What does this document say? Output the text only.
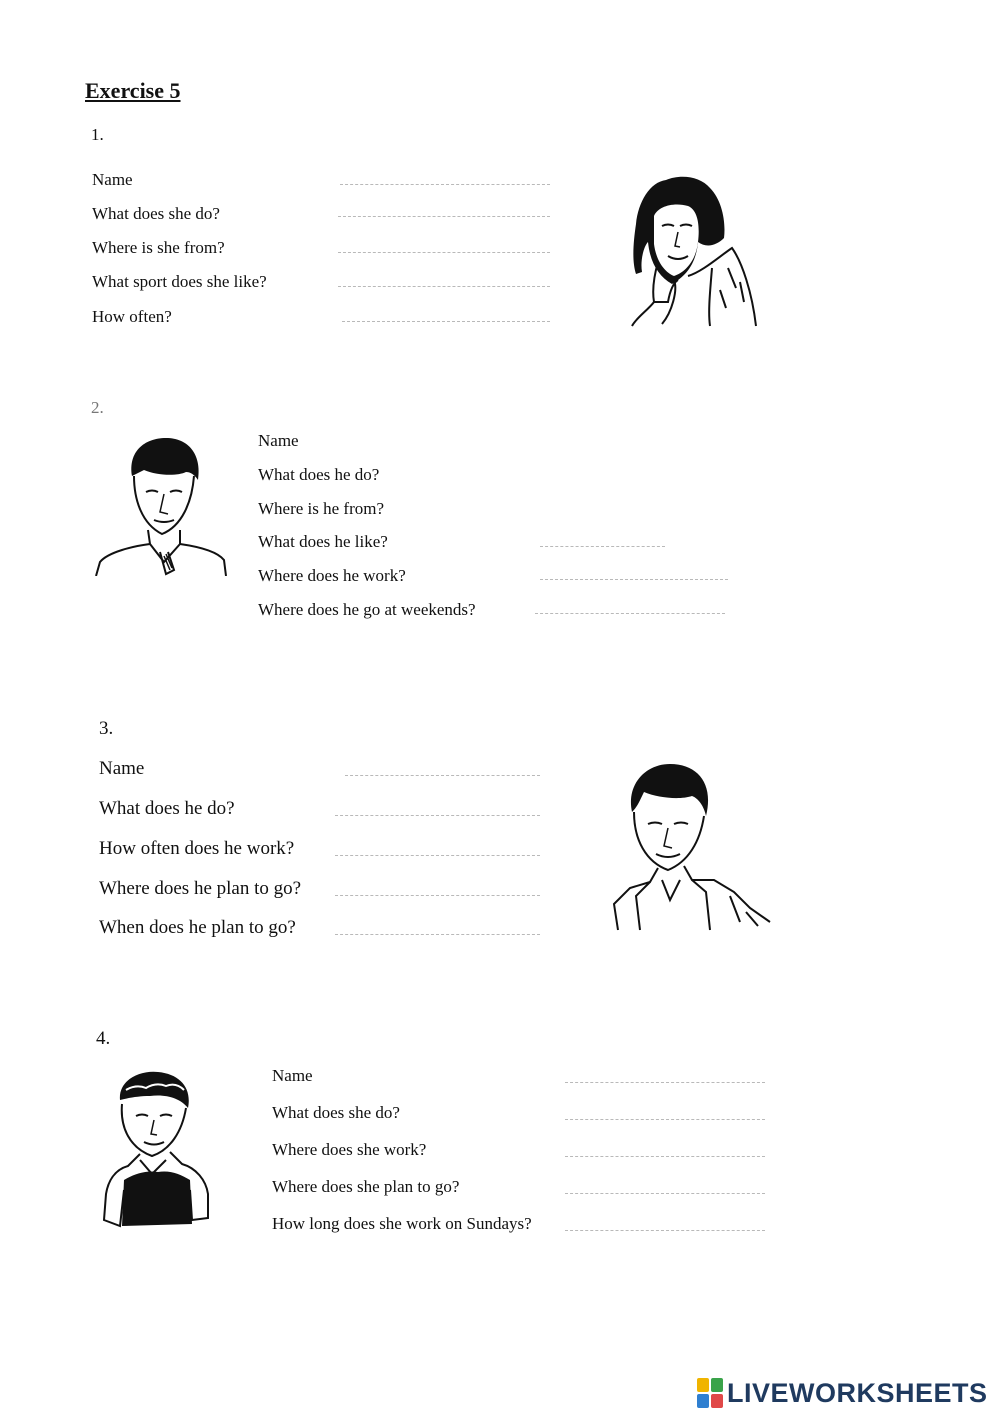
Exercise 5
1.
Name
What does she do?
Where is she from?
What sport does she like?
How often?
2.
Name
What does he do?
Where is he from?
What does he like?
Where does he work?
Where does he go at weekends?
3.
Name
What does he do?
How often does he work?
Where does he plan to go?
When does he plan to go?
4.
Name
What does she do?
Where does she work?
Where does she plan to go?
How long does she work on Sundays?
LIVEWORKSHEETS
